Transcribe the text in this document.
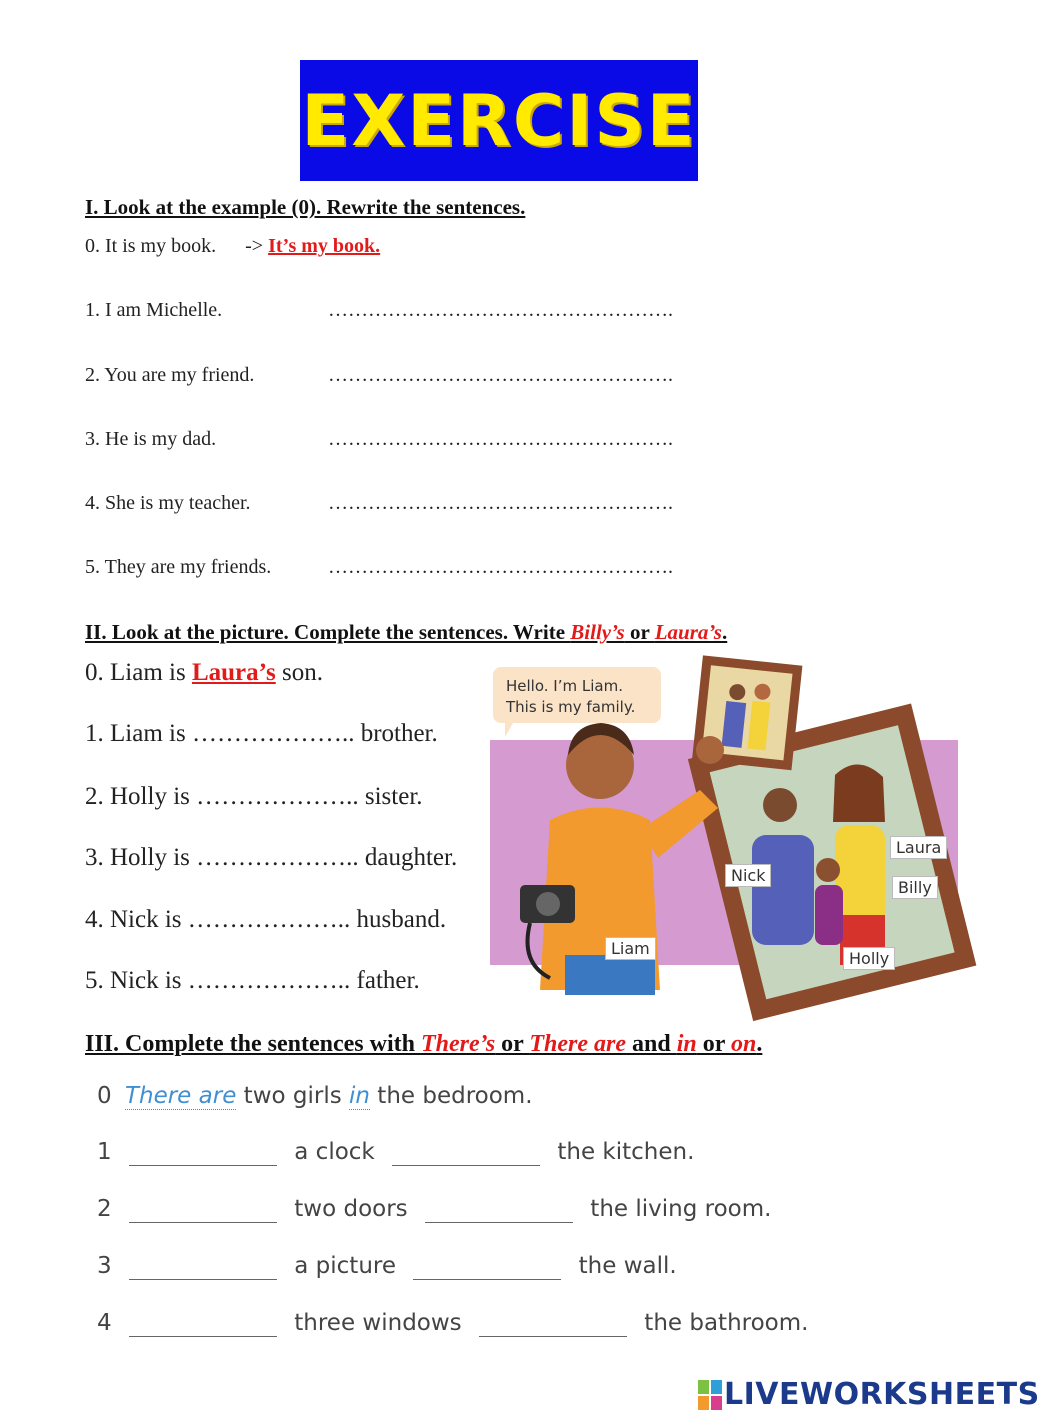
EXERCISE
I. Look at the example (0). Rewrite the sentences.
0. It is my book. -> It’s my book.
1. I am Michelle.	…………………………………………….
2. You are my friend.	…………………………………………….
3. He is my dad.	…………………………………………….
4. She is my teacher.	…………………………………………….
5. They are my friends.	…………………………………………….
II. Look at the picture. Complete the sentences. Write Billy’s or Laura’s.
0. Liam is Laura’s son.
1. Liam is ……………….. brother.
2. Holly is ……………….. sister.
3. Holly is ……………….. daughter.
4. Nick is ……………….. husband.
5. Nick is ……………….. father.
Hello. I’m Liam.
This is my family.
Laura
Nick
Billy
Liam
Holly
III. Complete the sentences with There’s or There are and in or on.
0 There are two girls in the bedroom.
1	a clock	the kitchen.
2	two doors	the living room.
3	a picture	the wall.
4	three windows	the bathroom.
LIVEWORKSHEETS
